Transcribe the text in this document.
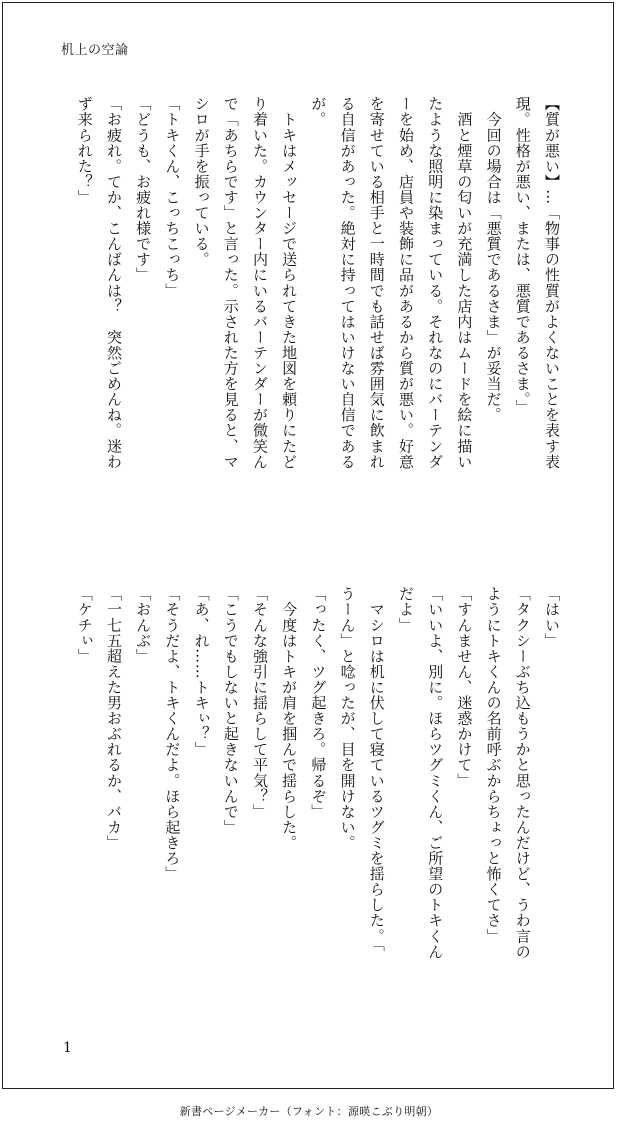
机上の空論
【質が悪い】…「物事の性質がよくないことを表す表
現。性格が悪い、または、悪質であるさま。」
　今回の場合は「悪質であるさま」が妥当だ。
　酒と煙草の匂いが充満した店内はムードを絵に描い
たような照明に染まっている。それなのにバーテンダ
ーを始め、店員や装飾に品があるから質が悪い。好意
を寄せている相手と一時間でも話せば雰囲気に飲まれ
る自信があった。絶対に持ってはいけない自信である
が。
　トキはメッセージで送られてきた地図を頼りにたど
り着いた。カウンター内にいるバーテンダーが微笑ん
で「あちらです」と言った。示された方を見ると、マ
シロが手を振っている。
「トキくん、こっちこっち」
「どうも、お疲れ様です」
「お疲れ。てか、こんばんは？　突然ごめんね。迷わ
ず来られた？」
「はい」
「タクシーぶち込もうかと思ったんだけど、うわ言の
ようにトキくんの名前呼ぶからちょっと怖くてさ」
「すんません、迷惑かけて」
「いいよ、別に。ほらツグミくん、ご所望のトキくん
だよ」
　マシロは机に伏して寝ているツグミを揺らした。「
うーん」と唸ったが、目を開けない。
「ったく、ツグ起きろ。帰るぞ」
　今度はトキが肩を掴んで揺らした。
「そんな強引に揺らして平気？」
「こうでもしないと起きないんで」
「あ、れ……トキぃ？」
「そうだよ、トキくんだよ。ほら起きろ」
「おんぶ」
「一七五超えた男おぶれるか、バカ」
「ケチぃ」
1
新書ページメーカー（フォント：源暎こぶり明朝）
